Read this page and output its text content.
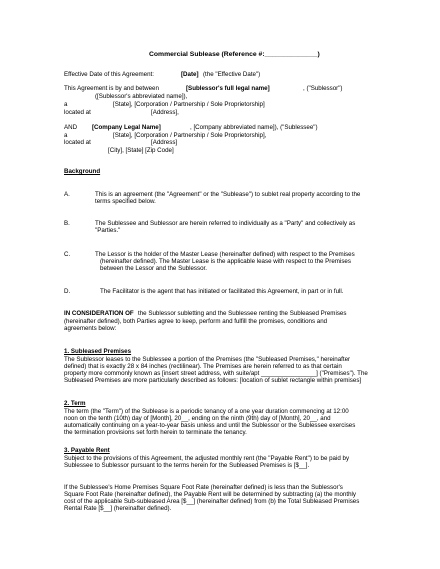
Commercial Sublease (Reference #:______________)
Effective Date of this Agreement:	[Date] (the "Effective Date")
This Agreement is by and between	[Sublessor's full legal name]	, ("Sublessor")
([Sublessor's abbreviated name]),
a	[State], [Corporation / Partnership / Sole Proprietorship]
located at	[Address],
AND [Company Legal Name]	, [Company abbreviated name]), ("Sublessee")
a	[State], [Corporation / Partnership / Sole Proprietorship],
located at	[Address]
[City], [State] [Zip Code]
Background
A.	This is an agreement (the "Agreement" or the "Sublease") to sublet real property according to the
terms specified below.
B.	The Sublessee and Sublessor are herein referred to individually as a "Party" and collectively as
"Parties."
C.	The Lessor is the holder of the Master Lease (hereinafter defined) with respect to the Premises
(hereinafter defined). The Master Lease is the applicable lease with respect to the Premises
between the Lessor and the Sublessor.
D.	The Facilitator is the agent that has initiated or facilitated this Agreement, in part or in full.
IN CONSIDERATION OF the Sublessor subletting and the Sublessee renting the Subleased Premises
(hereinafter defined), both Parties agree to keep, perform and fulfill the promises, conditions and
agreements below:
1. Subleased Premises
The Sublessor leases to the Sublessee a portion of the Premises (the "Subleased Premises," hereinafter
defined) that is exactly 28 x 84 inches (rectilinear). The Premises are herein referred to as that certain
property more commonly known as [insert street address, with suite/apt ________________] ("Premises"). The
Subleased Premises are more particularly described as follows: [location of sublet rectangle within premises]
2. Term
The term (the "Term") of the Sublease is a periodic tenancy of a one year duration commencing at 12:00
noon on the tenth (10th) day of [Month], 20__, ending on the ninth (9th) day of [Month], 20__, and
automatically continuing on a year-to-year basis unless and until the Sublessor or the Sublessee exercises
the termination provisions set forth herein to terminate the tenancy.
3. Payable Rent
Subject to the provisions of this Agreement, the adjusted monthly rent (the "Payable Rent") to be paid by
Sublessee to Sublessor pursuant to the terms herein for the Subleased Premises is [$__].
If the Sublessee's Home Premises Square Foot Rate (hereinafter defined) is less than the Sublessor's
Square Foot Rate (hereinafter defined), the Payable Rent will be determined by subtracting (a) the monthly
cost of the applicable Sub-subleased Area [$__] (hereinafter defined) from (b) the Total Subleased Premises
Rental Rate [$__] (hereinafter defined).
